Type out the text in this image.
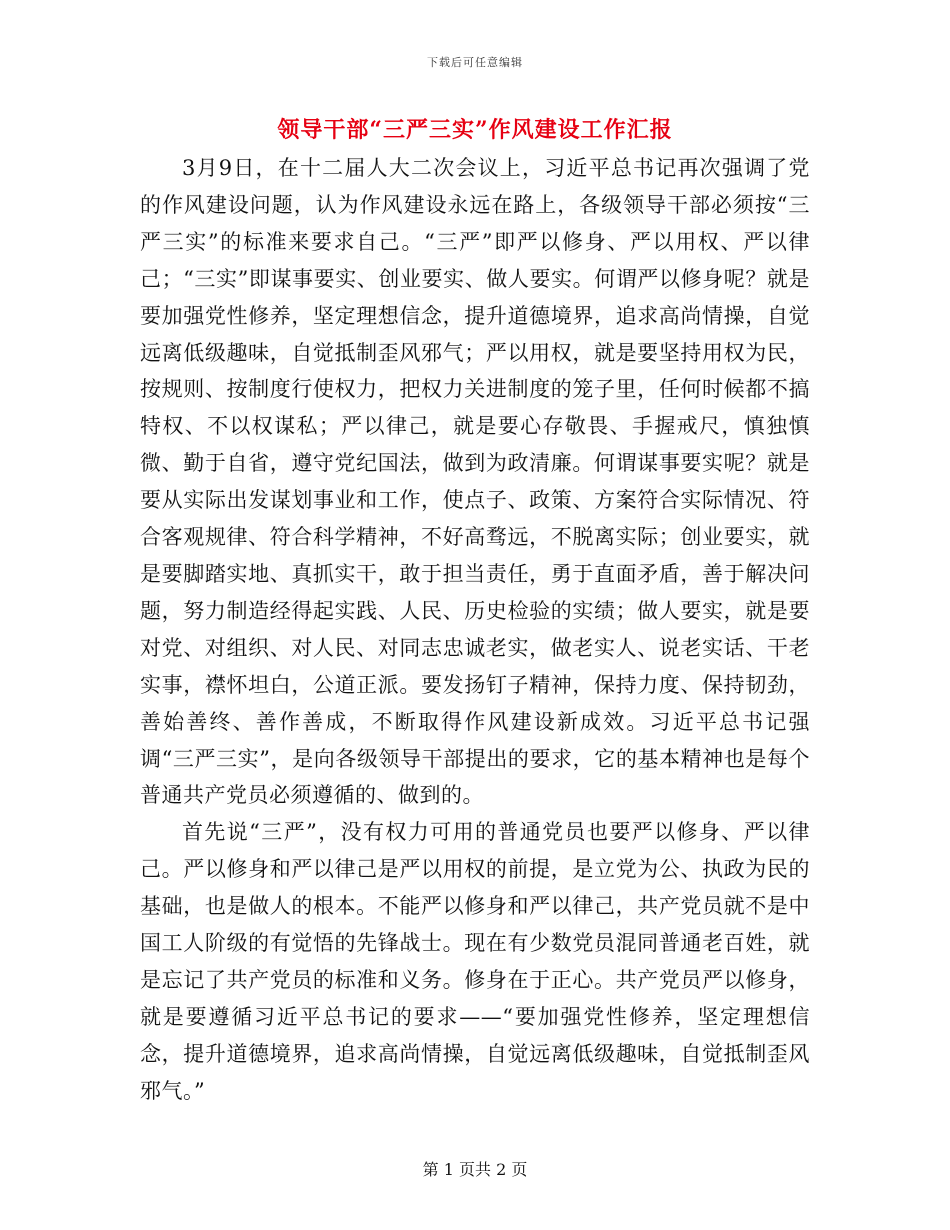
下载后可任意编辑
领导干部“三严三实”作风建设工作汇报

3月9日，在十二届人大二次会议上，习近平总书记再次强调了党的作风建设问题，认为作风建设永远在路上，各级领导干部必须按“三严三实”的标准来要求自己。“三严”即严以修身、严以用权、严以律己；“三实”即谋事要实、创业要实、做人要实。何谓严以修身呢？就是要加强党性修养，坚定理想信念，提升道德境界，追求高尚情操，自觉远离低级趣味，自觉抵制歪风邪气；严以用权，就是要坚持用权为民，按规则、按制度行使权力，把权力关进制度的笼子里，任何时候都不搞特权、不以权谋私；严以律己，就是要心存敬畏、手握戒尺，慎独慎微、勤于自省，遵守党纪国法，做到为政清廉。何谓谋事要实呢？就是要从实际出发谋划事业和工作，使点子、政策、方案符合实际情况、符合客观规律、符合科学精神，不好高骛远，不脱离实际；创业要实，就是要脚踏实地、真抓实干，敢于担当责任，勇于直面矛盾，善于解决问题，努力制造经得起实践、人民、历史检验的实绩；做人要实，就是要对党、对组织、对人民、对同志忠诚老实，做老实人、说老实话、干老实事，襟怀坦白，公道正派。要发扬钉子精神，保持力度、保持韧劲，善始善终、善作善成，不断取得作风建设新成效。习近平总书记强调“三严三实”，是向各级领导干部提出的要求，它的基本精神也是每个普通共产党员必须遵循的、做到的。

首先说“三严”，没有权力可用的普通党员也要严以修身、严以律己。严以修身和严以律己是严以用权的前提，是立党为公、执政为民的基础，也是做人的根本。不能严以修身和严以律己，共产党员就不是中国工人阶级的有觉悟的先锋战士。现在有少数党员混同普通老百姓，就是忘记了共产党员的标准和义务。修身在于正心。共产党员严以修身，就是要遵循习近平总书记的要求——“要加强党性修养，坚定理想信念，提升道德境界，追求高尚情操，自觉远离低级趣味，自觉抵制歪风邪气。”

第 1 页共 2 页
